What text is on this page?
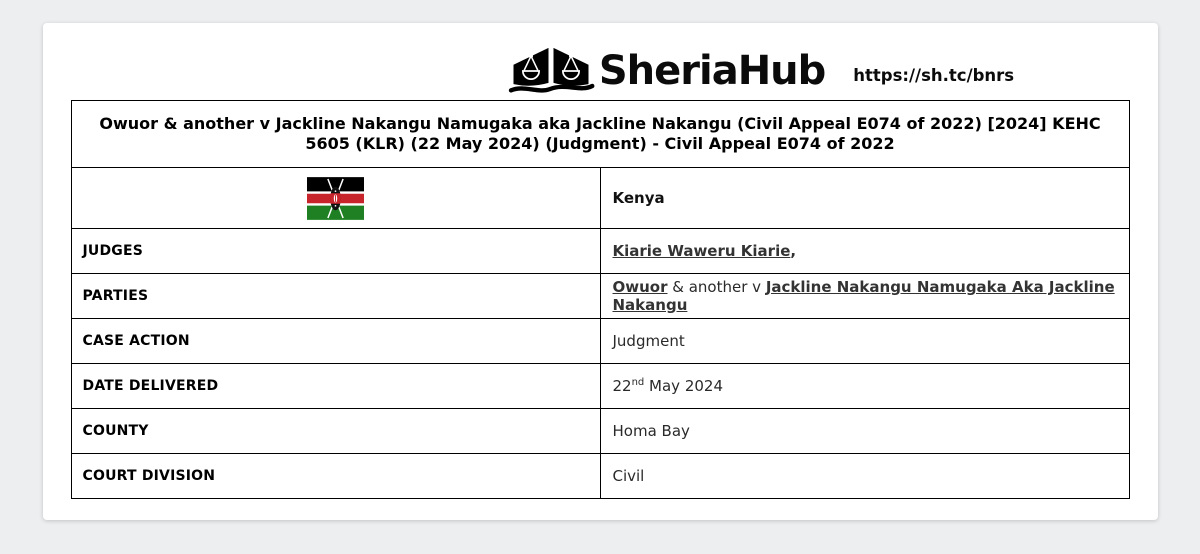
SheriaHub https://sh.tc/bnrs
Owuor & another v Jackline Nakangu Namugaka aka Jackline Nakangu (Civil Appeal E074 of 2022) [2024] KEHC 5605 (KLR) (22 May 2024) (Judgment) - Civil Appeal E074 of 2022	

	Kenya
JUDGES	Kiarie Waweru Kiarie,
PARTIES	Owuor & another v Jackline Nakangu Namugaka Aka Jackline Nakangu
CASE ACTION	Judgment
DATE DELIVERED	22nd May 2024
COUNTY	Homa Bay
COURT DIVISION	Civil
